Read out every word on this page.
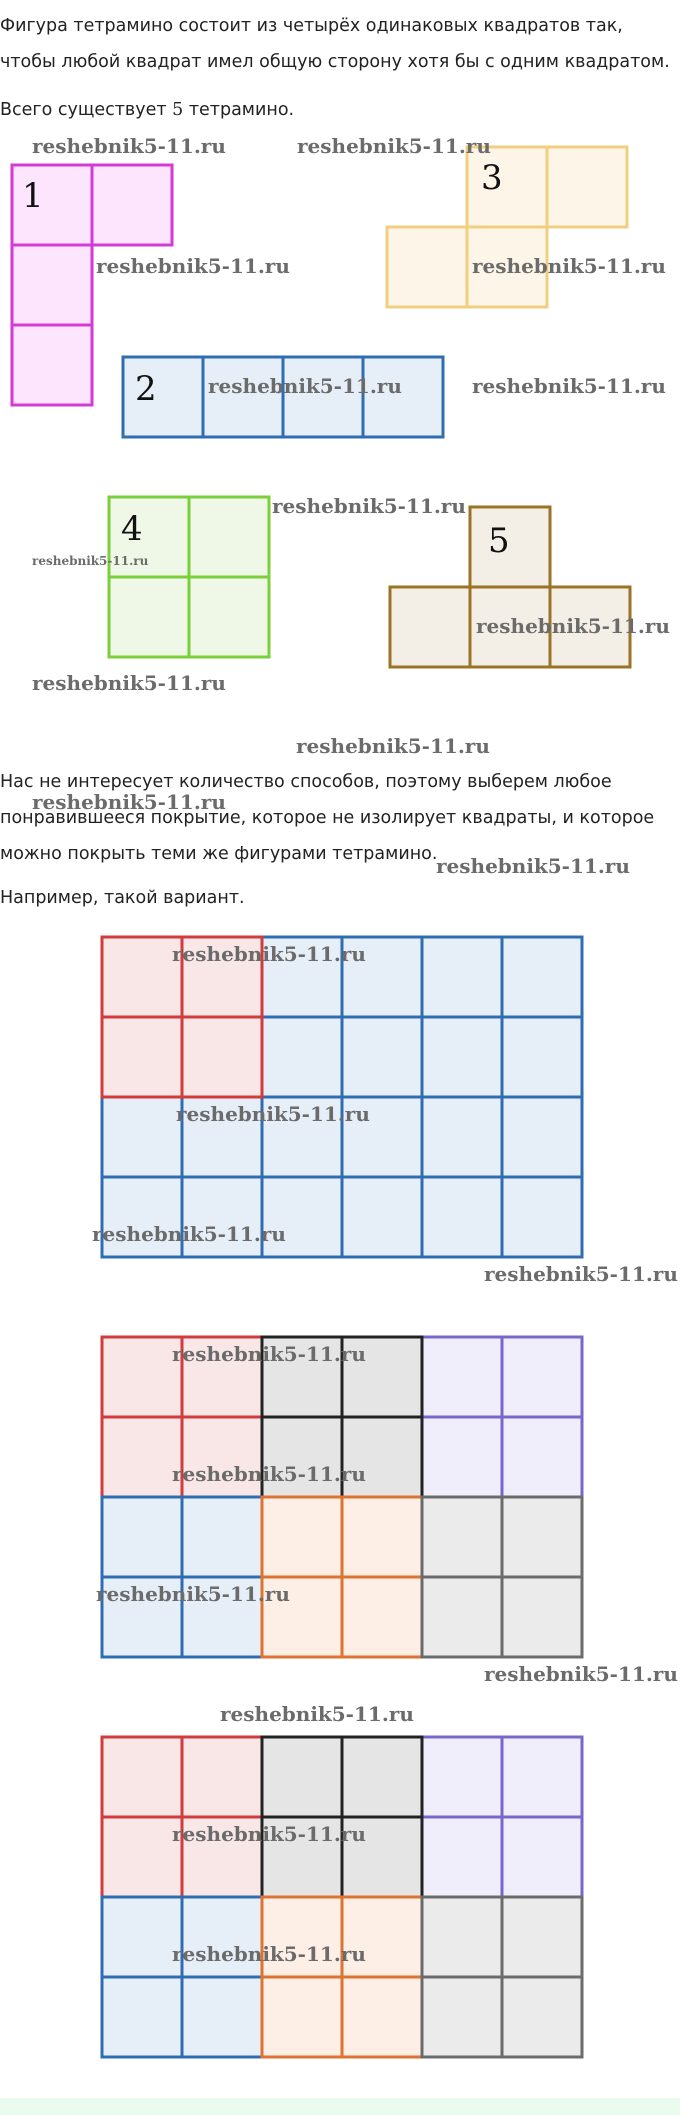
Фигура тетрамино состоит из четырёх одинаковых квадратов так, чтобы любой квадрат имел общую сторону хотя бы с одним квадратом.

Всего существует 5 тетрамино.

Нас не интересует количество способов, поэтому выберем любое понравившееся покрытие, которое не изолирует квадраты, и которое можно покрыть теми же фигурами тетрамино.

Например, такой вариант.

1
2
3
4	5
reshebnik5-11.ru	reshebnik5-11.ru
reshebnik5-11.ru	reshebnik5-11.ru
reshebnik5-11.ru	reshebnik5-11.ru
reshebnik5-11.ru
reshebnik5-11.ru
reshebnik5-11.ru
reshebnik5-11.ru
reshebnik5-11.ru
reshebnik5-11.ru
reshebnik5-11.ru
reshebnik5-11.ru
reshebnik5-11.ru
reshebnik5-11.ru
reshebnik5-11.ru
reshebnik5-11.ru
reshebnik5-11.ru
reshebnik5-11.ru
reshebnik5-11.ru
reshebnik5-11.ru
reshebnik5-11.ru
reshebnik5-11.ru
